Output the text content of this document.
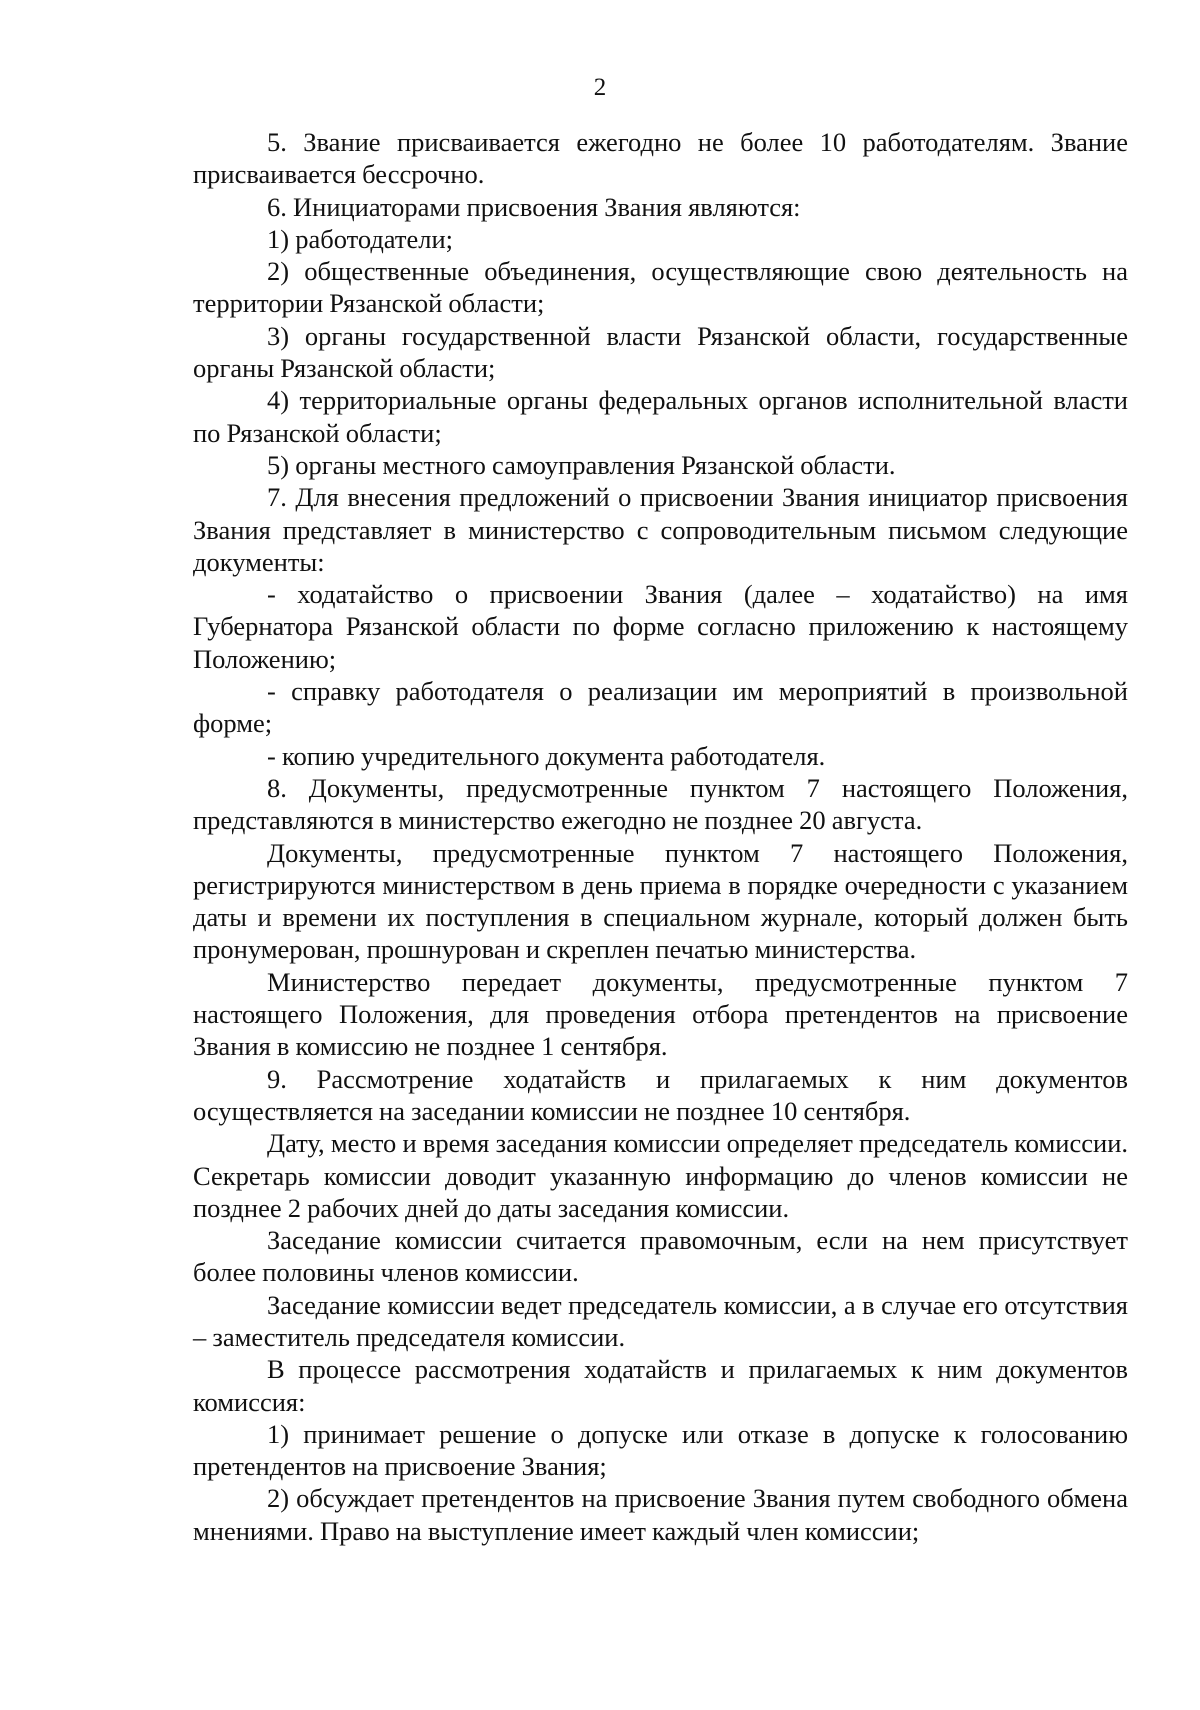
2

5. Звание присваивается ежегодно не более 10 работодателям. Звание присваивается бессрочно.

6. Инициаторами присвоения Звания являются:

1) работодатели;

2) общественные объединения, осуществляющие свою деятельность на территории Рязанской области;

3) органы государственной власти Рязанской области, государственные органы Рязанской области;

4) территориальные органы федеральных органов исполнительной власти по Рязанской области;

5) органы местного самоуправления Рязанской области.

7. Для внесения предложений о присвоении Звания инициатор присвоения Звания представляет в министерство с сопроводительным письмом следующие документы:

- ходатайство о присвоении Звания (далее – ходатайство) на имя Губернатора Рязанской области по форме согласно приложению к настоящему Положению;

- справку работодателя о реализации им мероприятий в произвольной форме;

- копию учредительного документа работодателя.

8. Документы, предусмотренные пунктом 7 настоящего Положения, представляются в министерство ежегодно не позднее 20 августа.

Документы, предусмотренные пунктом 7 настоящего Положения, регистрируются министерством в день приема в порядке очередности с указанием даты и времени их поступления в специальном журнале, который должен быть пронумерован, прошнурован и скреплен печатью министерства.

Министерство передает документы, предусмотренные пунктом 7 настоящего Положения, для проведения отбора претендентов на присвоение Звания в комиссию не позднее 1 сентября.

9. Рассмотрение ходатайств и прилагаемых к ним документов осуществляется на заседании комиссии не позднее 10 сентября.

Дату, место и время заседания комиссии определяет председатель комиссии. Секретарь комиссии доводит указанную информацию до членов комиссии не позднее 2 рабочих дней до даты заседания комиссии.

Заседание комиссии считается правомочным, если на нем присутствует более половины членов комиссии.

Заседание комиссии ведет председатель комиссии, а в случае его отсутствия – заместитель председателя комиссии.

В процессе рассмотрения ходатайств и прилагаемых к ним документов комиссия:

1) принимает решение о допуске или отказе в допуске к голосованию претендентов на присвоение Звания;

2) обсуждает претендентов на присвоение Звания путем свободного обмена мнениями. Право на выступление имеет каждый член комиссии;
